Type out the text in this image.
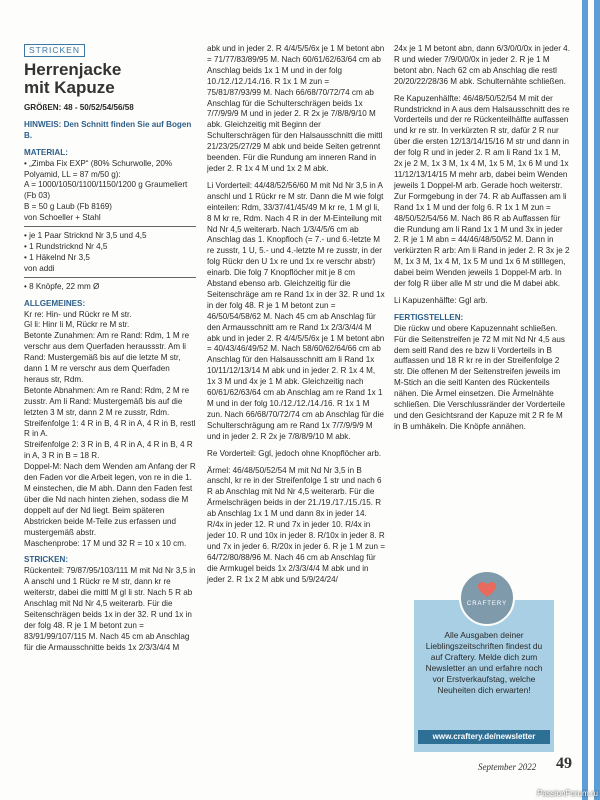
STRICKEN
Herrenjacke
mit Kapuze

GRÖßEN: 48 - 50/52/54/56/58

HINWEIS: Den Schnitt finden Sie auf Bogen B.

MATERIAL:
• „Zimba Fix EXP“ (80% Schurwolle, 20% Polyamid, LL = 87 m/50 g):
A = 1000/1050/1100/1150/1200 g Graumeliert (Fb 03)
B = 50 g Laub (Fb 8169)
von Schoeller + Stahl
• je 1 Paar Stricknd Nr 3,5 und 4,5
• 1 Rundstricknd Nr 4,5
• 1 Häkelnd Nr 3,5
von addi

• 8 Knöpfe, 22 mm Ø

ALLGEMEINES:
Kr re: Hin- und Rückr re M str.
Gl li: Hinr li M, Rückr re M str.
Betonte Zunahmen: Am re Rand: Rdm, 1 M re verschr aus dem Querfaden heraussstr. Am li Rand: Mustergemäß bis auf die letzte M str, dann 1 M re verschr aus dem Querfaden heraus str, Rdm.
Betonte Abnahmen: Am re Rand: Rdm, 2 M re zusstr. Am li Rand: Mustergemäß bis auf die letzten 3 M str, dann 2 M re zusstr, Rdm.
Streifenfolge 1: 4 R in B, 4 R in A, 4 R in B, restl R in A.
Streifenfolge 2: 3 R in B, 4 R in A, 4 R in B, 4 R in A, 3 R in B = 18 R.
Doppel-M: Nach dem Wenden am Anfang der R den Faden vor die Arbeit legen, von re in die 1. M einstechen, die M abh. Dann den Faden fest über die Nd nach hinten ziehen, sodass die M doppelt auf der Nd liegt. Beim späteren Abstricken beide M-Teile zus erfassen und mustergemäß abstr.

Maschenprobe: 17 M und 32 R = 10 x 10 cm.

STRICKEN:
Rückenteil: 79/87/95/103/111 M mit Nd Nr 3,5 in A anschl und 1 Rückr re M str, dann kr re weiterstr, dabei die mittl M gl li str. Nach 5 R ab Anschlag mit Nd Nr 4,5 weiterarb. Für die Seitenschrägen beids 1x in der 32. R und 1x in der folg 48. R je 1 M betont zun = 83/91/99/107/115 M. Nach 45 cm ab Anschlag für die Armausschnitte beids 1x 2/3/3/4/4 M

abk und in jeder 2. R 4/4/5/5/6x je 1 M betont abn = 71/77/83/89/95 M. Nach 60/61/62/63/64 cm ab Anschlag beids 1x 1 M und in der folg 10./12./12./14./16. R 1x 1 M zun = 75/81/87/93/99 M. Nach 66/68/70/72/74 cm ab Anschlag für die Schulterschrägen beids 1x 7/7/9/9/9 M und in jeder 2. R 2x je 7/8/8/9/10 M abk. Gleichzeitig mit Beginn der Schulterschrägen für den Halsausschnitt die mittl 21/23/25/27/29 M abk und beide Seiten getrennt beenden. Für die Rundung am inneren Rand in jeder 2. R 1x 4 M und 1x 2 M abk.

Li Vorderteil: 44/48/52/56/60 M mit Nd Nr 3,5 in A anschl und 1 Rückr re M str. Dann die M wie folgt einteilen: Rdm, 33/37/41/45/49 M kr re, 1 M gl li, 8 M kr re, Rdm. Nach 4 R in der M-Einteilung mit Nd Nr 4,5 weiterarb. Nach 1/3/4/5/6 cm ab Anschlag das 1. Knopfloch (= 7.- und 6.-letzte M re zusstr, 1 U, 5.- und 4.-letzte M re zusstr, in der folg Rückr den U 1x re und 1x re verschr abstr) einarb. Die folg 7 Knopflöcher mit je 8 cm Abstand ebenso arb. Gleichzeitig für die Seitenschräge am re Rand 1x in der 32. R und 1x in der folg 48. R je 1 M betont zun = 46/50/54/58/62 M. Nach 45 cm ab Anschlag für den Armausschnitt am re Rand 1x 2/3/3/4/4 M abk und in jeder 2. R 4/4/5/5/6x je 1 M betont abn = 40/43/46/49/52 M. Nach 58/60/62/64/66 cm ab Anschlag für den Halsausschnitt am li Rand 1x 10/11/12/13/14 M abk und in jeder 2. R 1x 4 M, 1x 3 M und 4x je 1 M abk. Gleichzeitig nach 60/61/62/63/64 cm ab Anschlag am re Rand 1x 1 M und in der folg 10./12./12./14./16. R 1x 1 M zun. Nach 66/68/70/72/74 cm ab Anschlag für die Schulterschrägung am re Rand 1x 7/7/9/9/9 M und in jeder 2. R 2x je 7/8/8/9/10 M abk.

Re Vorderteil: Ggl, jedoch ohne Knopflöcher arb.

Ärmel: 46/48/50/52/54 M mit Nd Nr 3,5 in B anschl, kr re in der Streifenfolge 1 str und nach 6 R ab Anschlag mit Nd Nr 4,5 weiterarb. Für die Ärmelschrägen beids in der 21./19./17./15./15. R ab Anschlag 1x 1 M und dann 8x in jeder 14. R/4x in jeder 12. R und 7x in jeder 10. R/4x in jeder 10. R und 10x in jeder 8. R/10x in jeder 8. R und 7x in jeder 6. R/20x in jeder 6. R je 1 M zun = 64/72/80/88/96 M. Nach 46 cm ab Anschlag für die Armkugel beids 1x 2/3/3/4/4 M abk und in jeder 2. R 1x 2 M abk und 5/9/24/24/

24x je 1 M betont abn, dann 6/3/0/0/0x in jeder 4. R und wieder 7/9/0/0/0x in jeder 2. R je 1 M betont abn. Nach 62 cm ab Anschlag die restl 20/20/22/28/36 M abk. Schulternähte schließen.

Re Kapuzenhälfte: 46/48/50/52/54 M mit der Rundstricknd in A aus dem Halsausschnitt des re Vorderteils und der re Rückenteilhälfte auffassen und kr re str. In verkürzten R str, dafür 2 R nur über die ersten 12/13/14/15/16 M str und dann in der folg R und in jeder 2. R am li Rand 1x 1 M, 2x je 2 M, 1x 3 M, 1x 4 M, 1x 5 M, 1x 6 M und 1x 11/12/13/14/15 M mehr arb, dabei beim Wenden jeweils 1 Doppel-M arb. Gerade hoch weiterstr. Zur Formgebung in der 74. R ab Auffassen am li Rand 1x 1 M und der folg 6. R 1x 1 M zun = 48/50/52/54/56 M. Nach 86 R ab Auffassen für die Rundung am li Rand 1x 1 M und 3x in jeder 2. R je 1 M abn = 44/46/48/50/52 M. Dann in verkürzten R arb: Am li Rand in jeder 2. R 3x je 2 M, 1x 3 M, 1x 4 M, 1x 5 M und 1x 6 M stilllegen, dabei beim Wenden jeweils 1 Doppel-M arb. In der folg R über alle M str und die M dabei abk.

Li Kapuzenhälfte: Ggl arb.

FERTIGSTELLEN:

Die rückw und obere Kapuzennaht schließen. Für die Seitenstreifen je 72 M mit Nd Nr 4,5 aus dem seitl Rand des re bzw li Vorderteils in B auffassen und 18 R kr re in der Streifenfolge 2 str. Die offenen M der Seitenstreifen jeweils im M-Stich an die seitl Kanten des Rückenteils nähen. Die Ärmel einsetzen. Die Ärmelnähte schließen. Die Verschlussränder der Vorderteile und den Gesichtsrand der Kapuze mit 2 R fe M in B umhäkeln. Die Knöpfe annähen.

Alle Ausgaben deiner Lieblingszeitschriften findest du auf Craftery. Melde dich zum Newsletter an und erfahre noch vor Erstverkaufstag, welche Neuheiten dich erwarten!
www.craftery.de/newsletter
CRAFTERY
September 2022 49
PassionForum.ru
